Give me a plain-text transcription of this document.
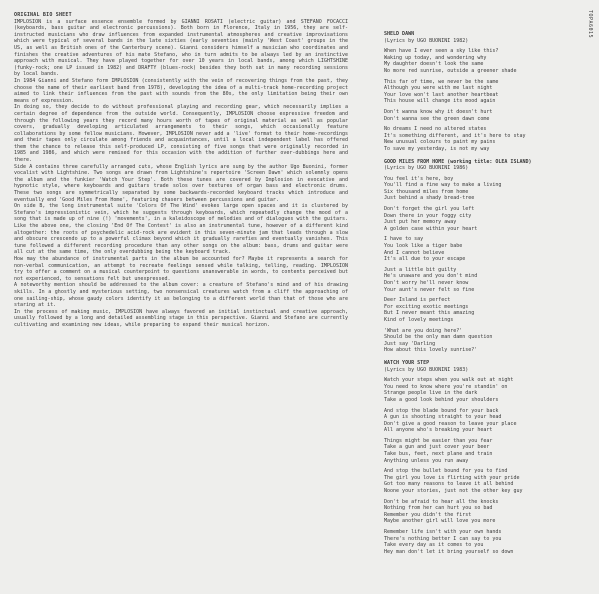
ORIGINAL BIO SHEET
IMPLOSION is a surface essence ensemble formed by GIANNI ROSATI (electric guitar) and STEFANO FOCACCI (keyboards, bass guitar and electronic percussions). Both born in Florence, Italy in 1956, they are self-instructed musicians who draw influences from expanded instrumental atmospheres and creative improvisations which were typical of several bands in the late sixties (early seventies (mainly 'West Coast' groups in the US, as well as British ones of the Canterbury scene). Gianni considers himself a musician who coordinates and finishes the creative adventures of his mate Stefano, who in turn admits to be always led by an instinctive approach with musical. They have played together for over 10 years in local bands, among which LIGHTSHINE (funky-rock; one LP issued in 1982) and DRAFTY (blues-rock) besides they both sat in many recording sessions by local bands.
In 1984 Gianni and Stefano form IMPLOSION (consistently with the vein of recovering things from the past, they choose the name of their earliest band from 1978), developing the idea of a multi-track home-recording project aimed to link their influences from the past with sounds from the 80s, the only limitation being their own means of expression.
In doing so, they decide to do without professional playing and recording gear, which necessarily implies a certain degree of dependence from the outside world. Consequently, IMPLOSION choose expressive freedom and through the following years they record many hours worth of tapes of original material as well as popular covers, gradually developing articulated arrangements to their songs, which occasionally feature collaborations by some fellow musicians. However, IMPLOSION never add a 'live' format to their home-recordings and their tapes only circulate among friends and acquaintances, until a local independent label has offered them the chance to release this self-produced LP, consisting of five songs that were originally recorded in 1985 and 1986, and which were remixed for this occasion with the addition of further over-dubbings here and there.
Side A contains three carefully arranged cuts, whose English lyrics are sung by the author Ugo Buonini, former vocalist with Lightshine. Two songs are drawn from Lightshine's repertoire 'Screen Dawn' which solemnly opens the album and the funkier 'Watch Your Step'. Both these tunes are covered by Implosion in evocative and hypnotic style, where keyboards and guitars trade solos over textures of organ bass and electronic drums. These two songs are symmetrically separated by some backwards-recorded keyboard tracks which introduce and eventually end 'Good Miles From Home', featuring chasers between percussions and guitar.
On side B, the long instrumental suite 'Colors Of The Wind' evokes large open spaces and it is clustered by Stefano's impressionistic vein, which he suggests through keyboards, which repeatedly change the mood of a song that is made up of nine (!) 'movements', in a kaleidoscope of melodies and of dialogues with the guitars. Like the above one, the closing 'End Of The Contest' is also an instrumental tune, however of a different kind altogether: the roots of psychedelic acid-rock are evident in this seven-minute jam that leads through a slow and obscure crescendo up to a powerful climax beyond which it gradually rarefies and eventually vanishes. This tune followed a different recording procedure than any other songs on the album: bass, drums and guitar were all cut at the same time, the only overdubbing being the keyboard track.
How may the abundance of instrumental parts in the album be accounted for? Maybe it represents a search for non-verbal communication, an attempt to recreate feelings sensed while talking, telling, reading. IMPLOSION try to offer a comment on a musical counterpoint to questions unanswerable in words, to contents perceived but not experienced, to sensations felt but unexpressed.
A noteworthy mention should be addressed to the album cover: a creature of Stefano's mind and of his drawing skills. In a ghostly and mysterious setting, two nonsensical creatures watch from a cliff the approaching of one sailing-ship, whose gaudy colors identify it as belonging to a different world than that of those who are staring at it.
In the process of making music, IMPLOSION have always favored an initial instinctual and creative approach, usually followed by a long and detailed assembling stage in this perspective. Gianni and Stefano are currently cultivating and examining new ideas, while preparing to expand their musical horizon.
SHELD DAWN
(Lyrics by UGO BUONINI 1982)
When have I ever seen a sky like this?
Waking up today, and wondering why
My daughter doesn't look the same
No more red sunrise, outside a greener shade
This far of time, we never be the same
Although you were with me last night
Your love won't last another heartbeat
This house will change its mood again
Don't wanna know why it doesn't hurt
Don't wanna see the green dawn come
No dreams I need no altered states
It's something different, and it's here to stay
New unusual colours to paint my pains
To save my yesterday, is not my way
GOOD MILES FROM HOME (working title: OLEA ISLAND)
(Lyrics by UGO BUONINI 1986)
You feel it's here, boy
You'll find a fine way to make a living
Six thousand miles from home
Just behind a shady bread-tree
Don't forget the girl you left
Down there in your foggy city
Just put her memory away
A golden case within your heart
I have to say
You look like a tiger babe
And I cannot believe
It's all due to your escape
Just a little bit guilty
He's unaware and you don't mind
Don't worry he'll never know
Your aunt's never felt so fine
Deer Island is perfect
For exciting exotic meetings
But I never meant this amazing
Kind of lovely meetings
'What are you doing here?'
Should be the only man damn question
Just say 'Darling
How about this lovely sunrise?'
WATCH YOUR STEP
(Lyrics by UGO BUONINI 1983)
Watch your steps when you walk out at night
You need to know where you're standin' on
Strange people live in the dark
Take a good look behind your shoulders
And stop the blade bound for your back
A gun is shooting straight to your head
Don't give a good reason to leave your place
All anyone who's breaking your heart
Things might be easier than you fear
Take a gun and just cover your beer
Take bus, feet, next plane and train
Anything unless you run away
And stop the bullet bound for you to find
The girl you love is flirting with your pride
Got too many reasons to leave it all behind
Noone your stories, just not the other key guy
Don't be afraid to hear all the knocks
Nothing from her can hurt you so bad
Remember you didn't the first
Maybe another girl will love you more
Remember life isn't with your own hands
There's nothing better I can say to you
Take every day as it comes to you
Hey man don't let it bring yourself so down
TOPA6015
